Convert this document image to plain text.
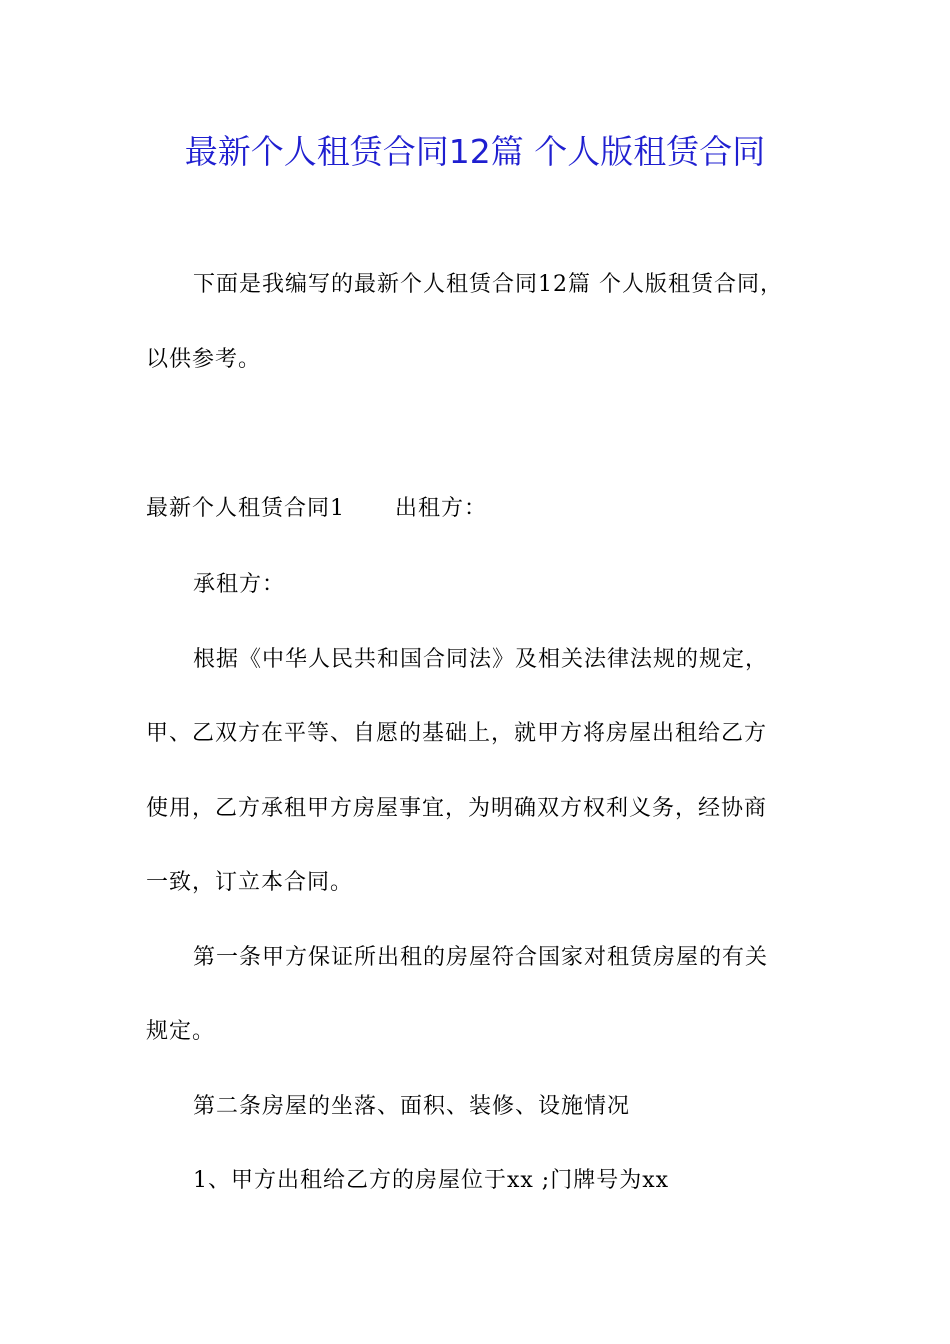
最新个人租赁合同12篇 个人版租赁合同
下面是我编写的最新个人租赁合同12篇 个人版租赁合同，
以供参考。
最新个人租赁合同1 出租方：
承租方：
根据《中华人民共和国合同法》及相关法律法规的规定，
甲、乙双方在平等、自愿的基础上，就甲方将房屋出租给乙方
使用，乙方承租甲方房屋事宜，为明确双方权利义务，经协商
一致，订立本合同。
第一条甲方保证所出租的房屋符合国家对租赁房屋的有关
规定。
第二条房屋的坐落、面积、装修、设施情况
1、甲方出租给乙方的房屋位于xx ;门牌号为xx
